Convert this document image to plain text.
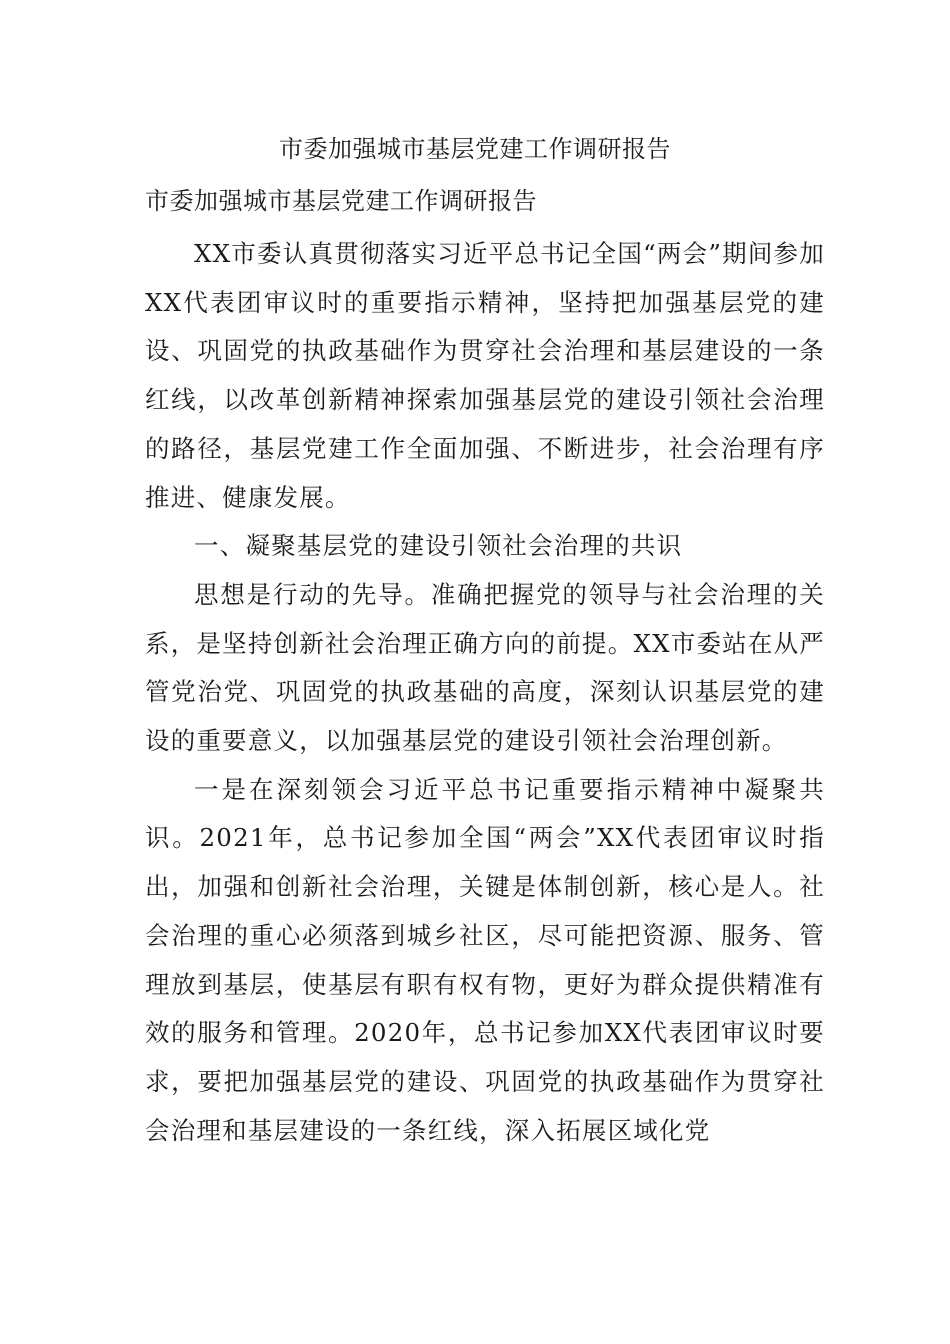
市委加强城市基层党建工作调研报告
市委加强城市基层党建工作调研报告

XX市委认真贯彻落实习近平总书记全国“两会”期间参加XX代表团审议时的重要指示精神，坚持把加强基层党的建设、巩固党的执政基础作为贯穿社会治理和基层建设的一条红线，以改革创新精神探索加强基层党的建设引领社会治理的路径，基层党建工作全面加强、不断进步，社会治理有序推进、健康发展。

一、凝聚基层党的建设引领社会治理的共识

思想是行动的先导。准确把握党的领导与社会治理的关系，是坚持创新社会治理正确方向的前提。XX市委站在从严管党治党、巩固党的执政基础的高度，深刻认识基层党的建设的重要意义，以加强基层党的建设引领社会治理创新。

一是在深刻领会习近平总书记重要指示精神中凝聚共识。2021年，总书记参加全国“两会”XX代表团审议时指出，加强和创新社会治理，关键是体制创新，核心是人。社会治理的重心必须落到城乡社区，尽可能把资源、服务、管理放到基层，使基层有职有权有物，更好为群众提供精准有效的服务和管理。2020年，总书记参加XX代表团审议时要求，要把加强基层党的建设、巩固党的执政基础作为贯穿社会治理和基层建设的一条红线，深入拓展区域化党
